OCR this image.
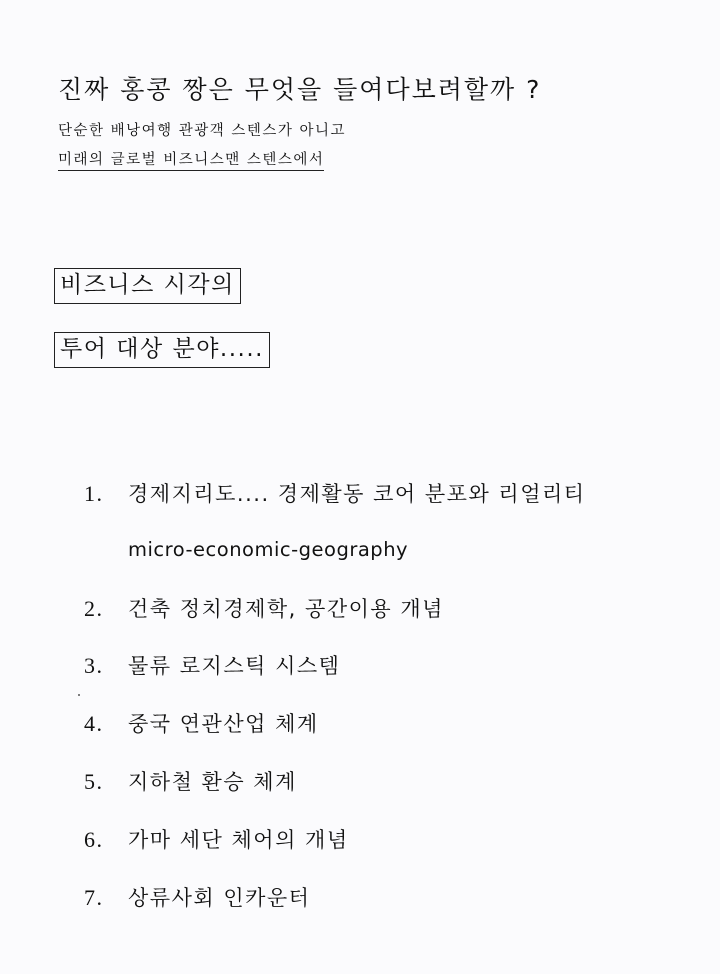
진짜 홍콩 짱은 무엇을 들여다보려할까 ?
단순한 배낭여행 관광객 스텐스가 아니고
미래의 글로벌 비즈니스맨 스텐스에서
비즈니스 시각의
투어 대상 분야.....
1. 경제지리도.... 경제활동 코어 분포와 리얼리티
micro-economic-geography
2. 건축 정치경제학, 공간이용 개념
3. 물류 로지스틱 시스템
4. 중국 연관산업 체계
5. 지하철 환승 체계
6. 가마 세단 체어의 개념
7. 상류사회 인카운터
